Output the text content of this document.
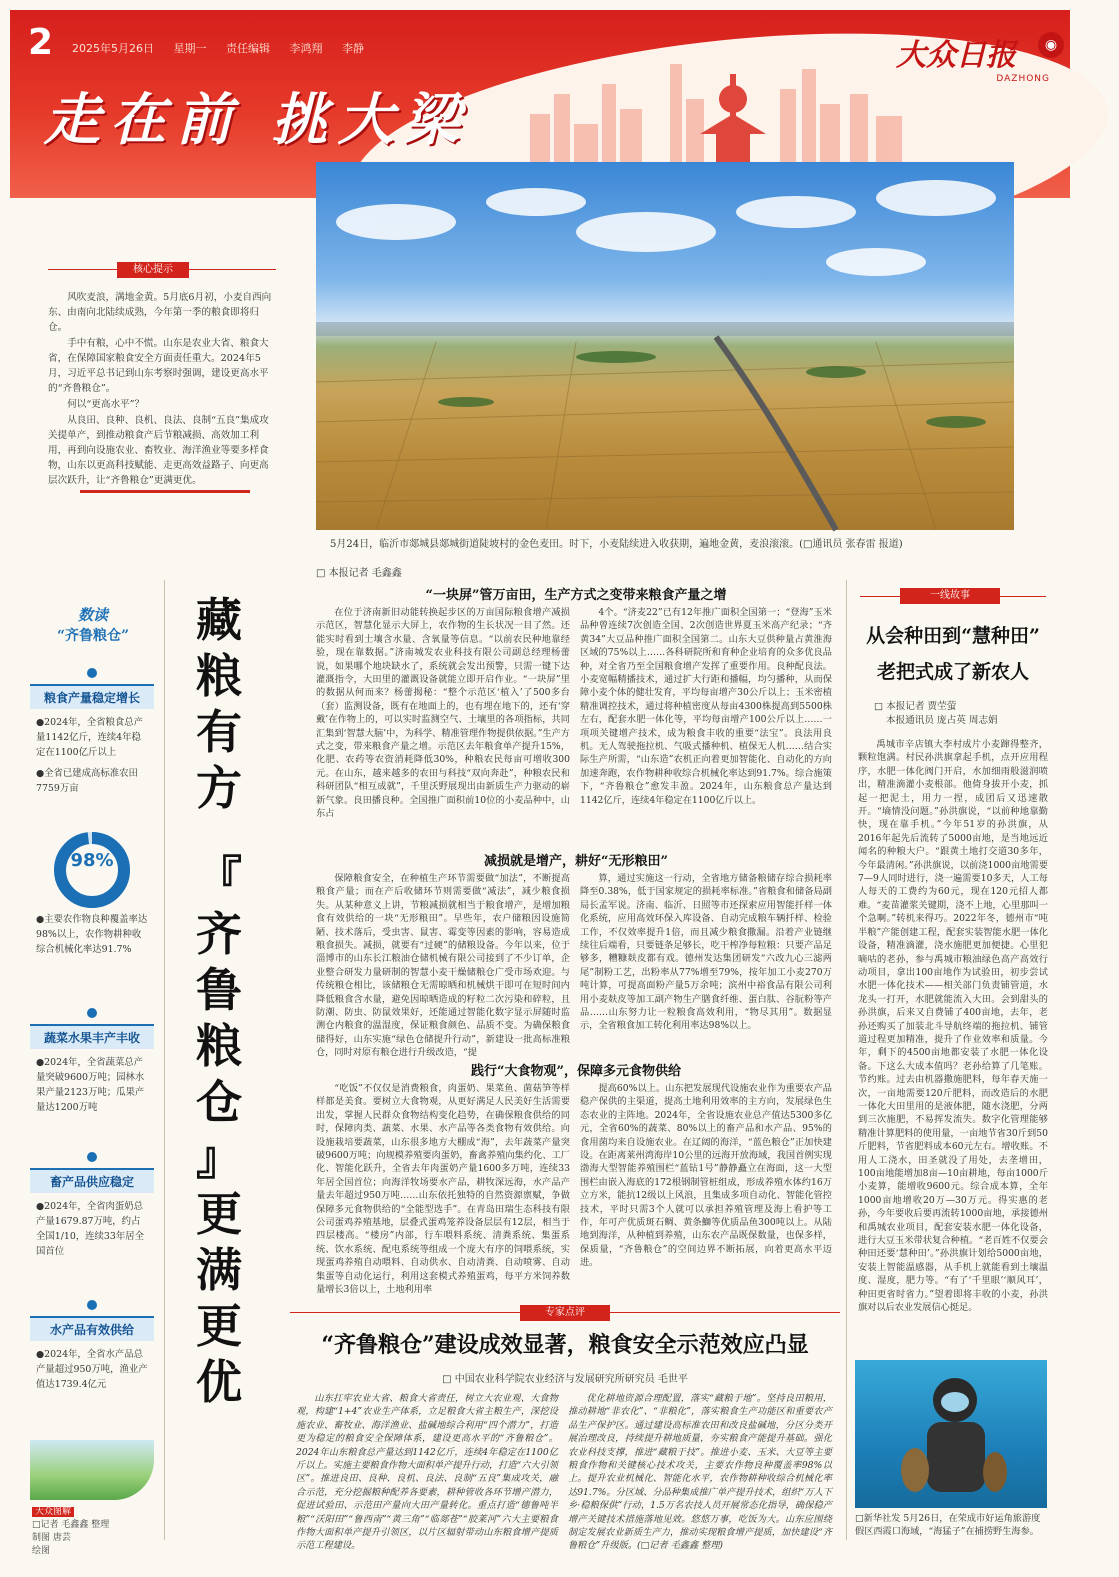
2 2025年5月26日 星期一 责任编辑 李鸿翔 李静
走在前 挑大梁
大众日报
DAZHONG
◉
5月24日，临沂市郯城县郯城街道陡坡村的金色麦田。时下，小麦陆续进入收获期，遍地金黄，麦浪滚滚。(□通讯员 张春雷 报道)
核心提示

风吹麦浪，满地金黄。5月底6月初，小麦自西向东、由南向北陆续成熟，今年第一季的粮食即将归仓。

手中有粮，心中不慌。山东是农业大省、粮食大省，在保障国家粮食安全方面责任重大。2024年5月，习近平总书记到山东考察时强调，建设更高水平的“齐鲁粮仓”。

何以“更高水平”？

从良田、良种、良机、良法、良制“五良”集成攻关提单产，到推动粮食产后节粮减损、高效加工利用，再到向设施农业、畜牧业、海洋渔业等要多样食物，山东以更高科技赋能、走更高效益路子、向更高层次跃升，让“齐鲁粮仓”更满更优。

数读
“齐鲁粮仓”
粮食产量稳定增长
●2024年，全省粮食总产量1142亿斤，连续4年稳定在1100亿斤以上
●全省已建成高标准农田7759万亩
98%
●主要农作物良种覆盖率达98%以上，农作物耕种收综合机械化率达91.7%
蔬菜水果丰产丰收
●2024年，全省蔬菜总产量突破9600万吨；园林水果产量2123万吨；瓜果产量达1200万吨
畜产品供应稳定
●2024年，全省肉蛋奶总产量1679.87万吨，约占全国1/10，连续33年居全国首位
水产品有效供给
●2024年，全省水产品总产量超过950万吨，渔业产值达1739.4亿元
大众图解
□记者 毛鑫鑫 整理
制图 唐芸
绘图
藏
粮
有
方
『
齐
鲁
粮
仓
』
更
满
更
优
□ 本报记者 毛鑫鑫
“一块屏”管万亩田，生产方式之变带来粮食产量之增

在位于济南新旧动能转换起步区的万亩国际粮食增产减损示范区，智慧化显示大屏上，农作物的生长状况一目了然。还能实时看到土壤含水量、含氧量等信息。“以前农民种地靠经验，现在靠数据。”济南城发农业科技有限公司副总经理杨蕾说，如果哪个地块缺水了，系统就会发出预警，只需一键下达灌溉指令，大田里的灌溉设备就能立即开启作业。“一块屏”里的数据从何而来？杨蕾揭秘：“整个示范区‘植入’了500多台（套）监测设备，既有在地面上的，也有埋在地下的，还有‘穿戴’在作物上的，可以实时监测空气、土壤里的各项指标，共同汇集到‘智慧大脑’中，为科学、精准管理作物提供依据。”生产方式之变，带来粮食产量之增。示范区去年粮食单产提升15%，化肥、农药等农资消耗降低30%，种粮农民每亩可增收300元。在山东，越来越多的农田与科技“双向奔赴”，种粮农民和科研团队“相互成就”，千里沃野展现出由新质生产力驱动的崭新气象。良田播良种。全国推广面积前10位的小麦品种中，山东占

4个。“济麦22”已有12年推广面积全国第一；“登海”玉米品种曾连续7次创造全国、2次创造世界夏玉米高产纪录；“齐黄34”大豆品种推广面积全国第二。山东大豆供种量占黄淮海区域的75%以上……各科研院所和育种企业培育的众多优良品种，对全省乃至全国粮食增产发挥了重要作用。良种配良法。小麦宽幅精播技术，通过扩大行距和播幅，均匀播种，从而保障小麦个体的健壮发育，平均每亩增产30公斤以上；玉米密植精准调控技术，通过将种植密度从每亩4300株提高到5500株左右，配套水肥一体化等，平均每亩增产100公斤以上……一项项关键增产技术，成为粮食丰收的重要“法宝”。良法用良机。无人驾驶拖拉机、气吸式播种机、植保无人机……结合实际生产所需，“山东造”农机正向着更加智能化、自动化的方向加速奔跑，农作物耕种收综合机械化率达到91.7%。综合施策下，“齐鲁粮仓”愈发丰盈。2024年，山东粮食总产量达到1142亿斤，连续4年稳定在1100亿斤以上。

减损就是增产，耕好“无形粮田”

保障粮食安全，在种植生产环节需要做“加法”，不断提高粮食产量；而在产后收储环节则需要做“减法”，减少粮食损失。从某种意义上讲，节粮减损就相当于粮食增产，是增加粮食有效供给的一块“无形粮田”。早些年，农户储粮因设施简陋、技术落后，受虫害、鼠害、霉变等因素的影响，容易造成粮食损失。减损，就要有“过硬”的储粮设备。今年以来，位于淄博市的山东长江粮油仓储机械有限公司接到了不少订单，企业整合研发力量研制的智慧小麦干燥储粮仓广受市场欢迎。与传统粮仓相比，该储粮仓无需晾晒和机械烘干即可在短时间内降低粮食含水量，避免因晾晒造成的籽粒二次污染和碎粒，且防潮、防虫、防鼠效果好，还能通过智能化数字显示屏随时监测仓内粮食的温湿度，保证粮食颜色、品质不变。为确保粮食储得好，山东实施“绿色仓储提升行动”，新建设一批高标准粮仓，同时对原有粮仓进行升级改造，“提

算，通过实施这一行动，全省地方储备粮储存综合损耗率降至0.38%，低于国家规定的损耗率标准。”省粮食和储备局副局长孟军说。济南、临沂、日照等市还探索应用智能扦样一体化系统，应用高效环保入库设备、自动完成粮车辆扦样、检验工作，不仅效率提升1倍，而且减少粮食撒漏。沿着产业链继续往后端看，只要链条足够长，吃干榨净每粒粮：只要产品足够多，糟糠麸皮都有戏。德州发达集团研发“六改九心三滤两尾”制粉工艺，出粉率从77%增至79%，按年加工小麦270万吨计算，可提高面粉产量5万余吨；滨州中裕食品有限公司利用小麦麸皮等加工副产物生产膳食纤维、蛋白肽、谷朊粉等产品……山东努力让一粒粮食高效利用，“物尽其用”。数据显示，全省粮食加工转化利用率达98%以上。

践行“大食物观”，保障多元食物供给

“吃饭”不仅仅是消费粮食，肉蛋奶、果菜鱼、菌菇笋等样样都是美食。要树立大食物观，从更好满足人民美好生活需要出发，掌握人民群众食物结构变化趋势，在确保粮食供给的同时，保障肉类、蔬菜、水果、水产品等各类食物有效供给。向设施栽培要蔬菜，山东很多地方大棚成“海”，去年蔬菜产量突破9600万吨；向规模养殖要肉蛋奶，畜禽养殖向集约化、工厂化、智能化跃升，全省去年肉蛋奶产量1600多万吨，连续33年居全国首位；向海洋牧场要水产品，耕牧深远海，水产品产量去年超过950万吨……山东依托独特的自然资源禀赋，争做保障多元食物供给的“全能型选手”。在青岛田瑞生态科技有限公司蛋鸡养殖基地，层叠式蛋鸡笼养设备层层有12层，相当于四层楼高。“楼房”内部，行车喂料系统、清粪系统、集蛋系统、饮水系统、配电系统等组成一个庞大有序的饲喂系统，实现蛋鸡养殖自动喂料、自动供水、自动清粪、自动喷雾、自动集蛋等自动化运行，利用这套模式养殖蛋鸡，每平方米饲养数量增长3倍以上，土地利用率

提高60%以上。山东把发展现代设施农业作为重要农产品稳产保供的主渠道，提高土地利用效率的主方向，发展绿色生态农业的主阵地。2024年，全省设施农业总产值达5300多亿元，全省60%的蔬菜、80%以上的畜产品和水产品、95%的食用菌均来自设施农业。在辽阔的海洋，“蓝色粮仓”正加快建设。在距离莱州湾海岸10公里的远海开放海域，我国首例实现渤海大型智能养殖围栏“蓝钻1号”静静矗立在海面，这一大型围栏由嵌入海底的172根钢制管桩组成，形成养殖水体约16万立方米，能抗12级以上风浪，且集成多项自动化、智能化管控技术，平时只需3个人就可以承担养殖管理及海上看护等工作，年可产优质斑石鲷、黄条鰤等优质品鱼300吨以上。从陆地到海洋，从种植到养殖，山东农产品既保数量，也保多样，保质量，“齐鲁粮仓”的空间边界不断拓展，向着更高水平迈进。

专家点评
“齐鲁粮仓”建设成效显著，粮食安全示范效应凸显
□ 中国农业科学院农业经济与发展研究所研究员 毛世平

山东扛牢农业大省、粮食大省责任，树立大农业观、大食物观，构建“1+4”农业生产体系，立足粮食大省主粮生产，深挖设施农业、畜牧业、海洋渔业、盐碱地综合利用“四个潜力”，打造更为稳定的粮食安全保障体系，建设更高水平的“齐鲁粮仓”。2024年山东粮食总产量达到1142亿斤，连续4年稳定在1100亿斤以上。实施主要粮食作物大面积单产提升行动，打造“六大引领区”。推进良田、良种、良机、良法、良制“五良”集成攻关，融合示范，充分挖掘粮种配养各要素，耕种管收各环节增产潜力，促进试验田、示范田产量向大田产量转化。重点打造“德鲁吨半粮”“沃阳田”“鲁西南”“黄三角”“临郯苍”“胶莱河”六大主要粮食作物大面积单产提升引领区，以片区辐射带动山东粮食增产提质示范工程建设。

优化耕地资源合理配置，落实“藏粮于地”。坚持良田粮用，推动耕地“非农化”、“非粮化”，落实粮食生产功能区和重要农产品生产保护区。通过建设高标准农田和改良盐碱地，分区分类开展治理改良，持续提升耕地质量，夯实粮食产能提升基础。强化农业科技支撑，推进“藏粮于技”。推进小麦、玉米、大豆等主要粮食作物和关键核心技术攻关，主要农作物良种覆盖率98%以上。提升农业机械化、智能化水平，农作物耕种收综合机械化率达91.7%。分区域、分品种集成推广单产提升技术，组织“万人下乡·稳粮保供”行动，1.5万名农技人员开展常态化指导，确保稳产增产关键技术措施落地见效。悠悠万事，吃饭为大。山东应围绕制定发展农业新质生产力，推动实现粮食增产提质，加快建设“齐鲁粮仓”升级版。(□记者 毛鑫鑫 整理)

一线故事
从会种田到“慧种田”
老把式成了新农人
□ 本报记者 贾茔萤
本报通讯员 庞占英 周志娟

禹城市辛店镇大李村成片小麦蹿得整齐，颗粒饱满。村民孙洪旗拿起手机，点开应用程序，水肥一体化阀门开启，水加细雨般滋润喷出，精准滴灌小麦根部。他倚身拔开小麦，抓起一把泥土，用力一捏，成团后又迅速散开。“墒情没问题。”孙洪旗说，“以前种地靠勤快，现在靠手机。”今年51岁的孙洪旗，从2016年起先后流转了5000亩地，是当地远近闻名的种粮大户。“跟黄土地打交道30多年，今年最清闲。”孙洪旗说，以前浇1000亩地需要7—9人同时进行，浇一遍需要10多天，人工每人每天的工费约为60元，现在120元招人都难。“麦苗灌浆关键期，浇不上地，心里那叫一个急啊。”转机来得巧。2022年冬，德州市“吨半粮”产能创建工程，配套实装智能水肥一体化设备，精准滴灌，浇水施肥更加便捷。心里犯嘀咕的老孙，参与禹城市粮油绿色高产高效行动项目，拿出100亩地作为试验田，初步尝试水肥一体化技术——相关部门负责铺管道，水龙头一打开，水肥就能流入大田。会到甜头的孙洪旗，后来又自费铺了400亩地，去年，老孙还购买了加装北斗导航终端的拖拉机、铺管道过程更加精准，提升了作业效率和质量。今年，剩下的4500亩地都安装了水肥一体化设备。下这么大成本值吗？老孙给算了几笔账。节约账。过去由机器撒施肥料，每年春天施一次，一亩地需要120斤肥料，而改造后的水肥一体化大田里用的是液体肥，随水浇肥，分两到三次施肥，不易挥发流失。数字化管理能够精准计算肥料的使用量，一亩地节省30斤到50斤肥料，节省肥料成本60元左右。增收账。不用人工浇水，田圣就没了用处，去垄增田，100亩地能增加8亩—10亩耕地，每亩1000斤小麦算，能增收9600元。综合成本算，全年1000亩地增收20万—30万元。得实惠的老孙，今年要收后要再流转1000亩地，承接德州和禹城农业项目，配套安装水肥一体化设备，进行大豆玉米带状复合种植。“老百姓不仅要会种田还要‘慧种田’。”孙洪旗计划给5000亩地，安装上智能温感器，从手机上就能看到土壤温度、湿度，肥力等。“有了‘千里眼’‘顺风耳’，种田更省时省力。”望着即将丰收的小麦，孙洪旗对以后农业发展信心挺足。

□新华社发 5月26日，在荣成市好运角旅游度假区西霞口海域，“海猛子”在捕捞野生海参。
